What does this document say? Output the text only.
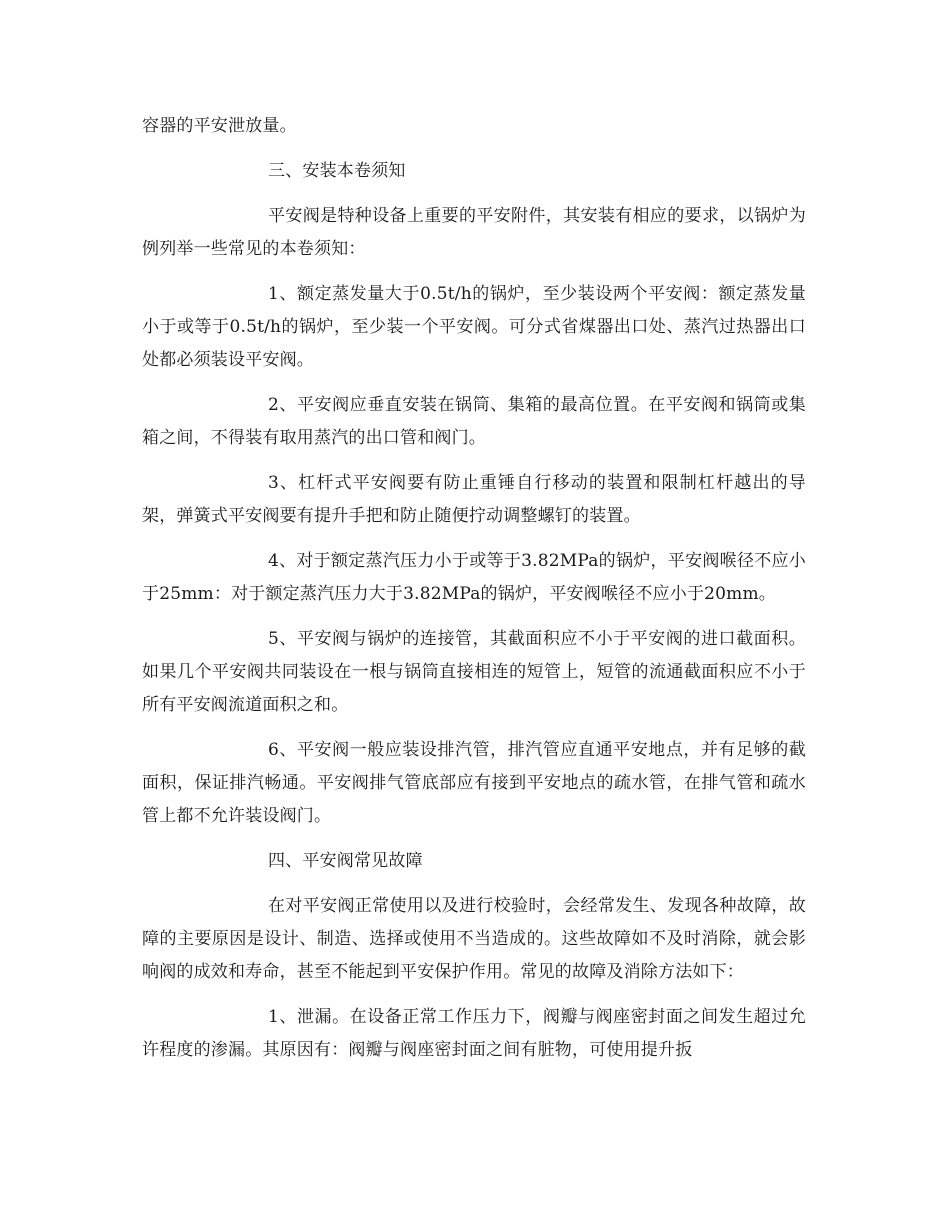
容器的平安泄放量。

三、安装本卷须知

平安阀是特种设备上重要的平安附件，其安装有相应的要求，以锅炉为例列举一些常见的本卷须知：

1、额定蒸发量大于0.5t/h的锅炉，至少装设两个平安阀：额定蒸发量小于或等于0.5t/h的锅炉，至少装一个平安阀。可分式省煤器出口处、蒸汽过热器出口处都必须装设平安阀。

2、平安阀应垂直安装在锅筒、集箱的最高位置。在平安阀和锅筒或集箱之间，不得装有取用蒸汽的出口管和阀门。

3、杠杆式平安阀要有防止重锤自行移动的装置和限制杠杆越出的导架，弹簧式平安阀要有提升手把和防止随便拧动调整螺钉的装置。

4、对于额定蒸汽压力小于或等于3.82MPa的锅炉，平安阀喉径不应小于25mm：对于额定蒸汽压力大于3.82MPa的锅炉，平安阀喉径不应小于20mm。

5、平安阀与锅炉的连接管，其截面积应不小于平安阀的进口截面积。如果几个平安阀共同装设在一根与锅筒直接相连的短管上，短管的流通截面积应不小于所有平安阀流道面积之和。

6、平安阀一般应装设排汽管，排汽管应直通平安地点，并有足够的截面积，保证排汽畅通。平安阀排气管底部应有接到平安地点的疏水管，在排气管和疏水管上都不允许装设阀门。

四、平安阀常见故障

在对平安阀正常使用以及进行校验时，会经常发生、发现各种故障，故障的主要原因是设计、制造、选择或使用不当造成的。这些故障如不及时消除，就会影响阀的成效和寿命，甚至不能起到平安保护作用。常见的故障及消除方法如下：

1、泄漏。在设备正常工作压力下，阀瓣与阀座密封面之间发生超过允许程度的渗漏。其原因有：阀瓣与阀座密封面之间有脏物，可使用提升扳
